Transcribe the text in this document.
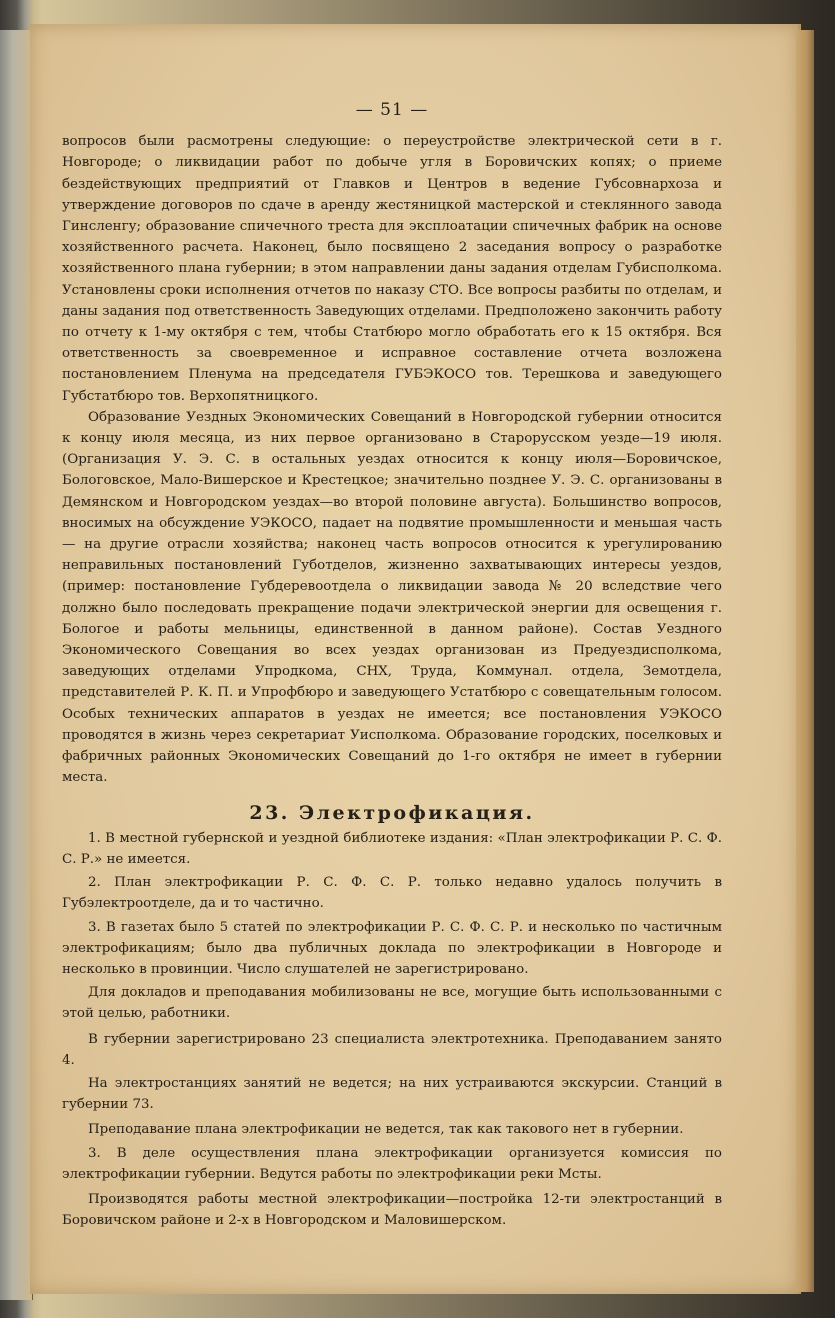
— 51 —

вопросов были расмотрены следующие: о переустройстве электрической сети в г. Новгороде; о ликвидации работ по добыче угля в Боровичских копях; о приеме бездействующих предприятий от Главков и Центров в ведение Губсовнархоза и утверждение договоров по сдаче в аренду жестяницкой мастерской и стеклянного завода Гинсленгу; образование спичечного треста для эксплоатации спичечных фабрик на основе хозяйственного расчета. Наконец, было посвящено 2 заседания вопросу о разработке хозяйственного плана губернии; в этом направлении даны задания отделам Губисполкома. Установлены сроки исполнения отчетов по наказу СТО. Все вопросы разбиты по отделам, и даны задания под ответственность Заведующих отделами. Предположено закончить работу по отчету к 1-му октября с тем, чтобы Статбюро могло обработать его к 15 октября. Вся ответственность за своевременное и исправное составление отчета возложена постановлением Пленума на председателя ГУБЭКОСО тов. Терешкова и заведующего Губстатбюро тов. Верхопятницкого.

Образование Уездных Экономических Совещаний в Новгородской губернии относится к концу июля месяца, из них первое организовано в Старорусском уезде—19 июля. (Организация У. Э. С. в остальных уездах относится к концу июля—Боровичское, Бологовское, Мало-Вишерское и Крестецкое; значительно позднее У. Э. С. организованы в Демянском и Новгородском уездах—во второй половине августа). Большинство вопросов, вносимых на обсуждение УЭКОСО, падает на подвятие промышленности и меньшая часть— на другие отрасли хозяйства; наконец часть вопросов относится к урегулированию неправильных постановлений Губотделов, жизненно захватывающих интересы уездов, (пример: постановление Губдеревоотдела о ликвидации завода № 20 вследствие чего должно было последовать прекращение подачи электрической энергии для освещения г. Бологое и работы мельницы, единственной в данном районе). Состав Уездного Экономического Совещания во всех уездах организован из Предуездисполкома, заведующих отделами Упродкома, СНХ, Труда, Коммунал. отдела, Земотдела, представителей Р. К. П. и Упрофбюро и заведующего Устатбюро с совещательным голосом. Особых технических аппаратов в уездах не имеется; все постановления УЭКОСО проводятся в жизнь через секретариат Уисполкома. Образование городских, поселковых и фабричных районных Экономических Совещаний до 1-го октября не имеет в губернии места.

23. Электрофикация.

1. В местной губернской и уездной библиотеке издания: «План электрофикации Р. С. Ф. С. Р.» не имеется.

2. План электрофикации Р. С. Ф. С. Р. только недавно удалось получить в Губэлектроотделе, да и то частично.

3. В газетах было 5 статей по электрофикации Р. С. Ф. С. Р. и несколько по частичным электрофикациям; было два публичных доклада по электрофикации в Новгороде и несколько в провинции. Число слушателей не зарегистрировано.

Для докладов и преподавания мобилизованы не все, могущие быть использованными с этой целью, работники.

В губернии зарегистрировано 23 специалиста электротехника. Преподаванием занято 4.

На электростанциях занятий не ведется; на них устраиваются экскурсии. Станций в губернии 73.

Преподавание плана электрофикации не ведется, так как такового нет в губернии.

3. В деле осуществления плана электрофикации организуется комиссия по электрофикации губернии. Ведутся работы по электрофикации реки Мсты.

Производятся работы местной электрофикации—постройка 12-ти электростанций в Боровичском районе и 2-х в Новгородском и Маловишерском.
